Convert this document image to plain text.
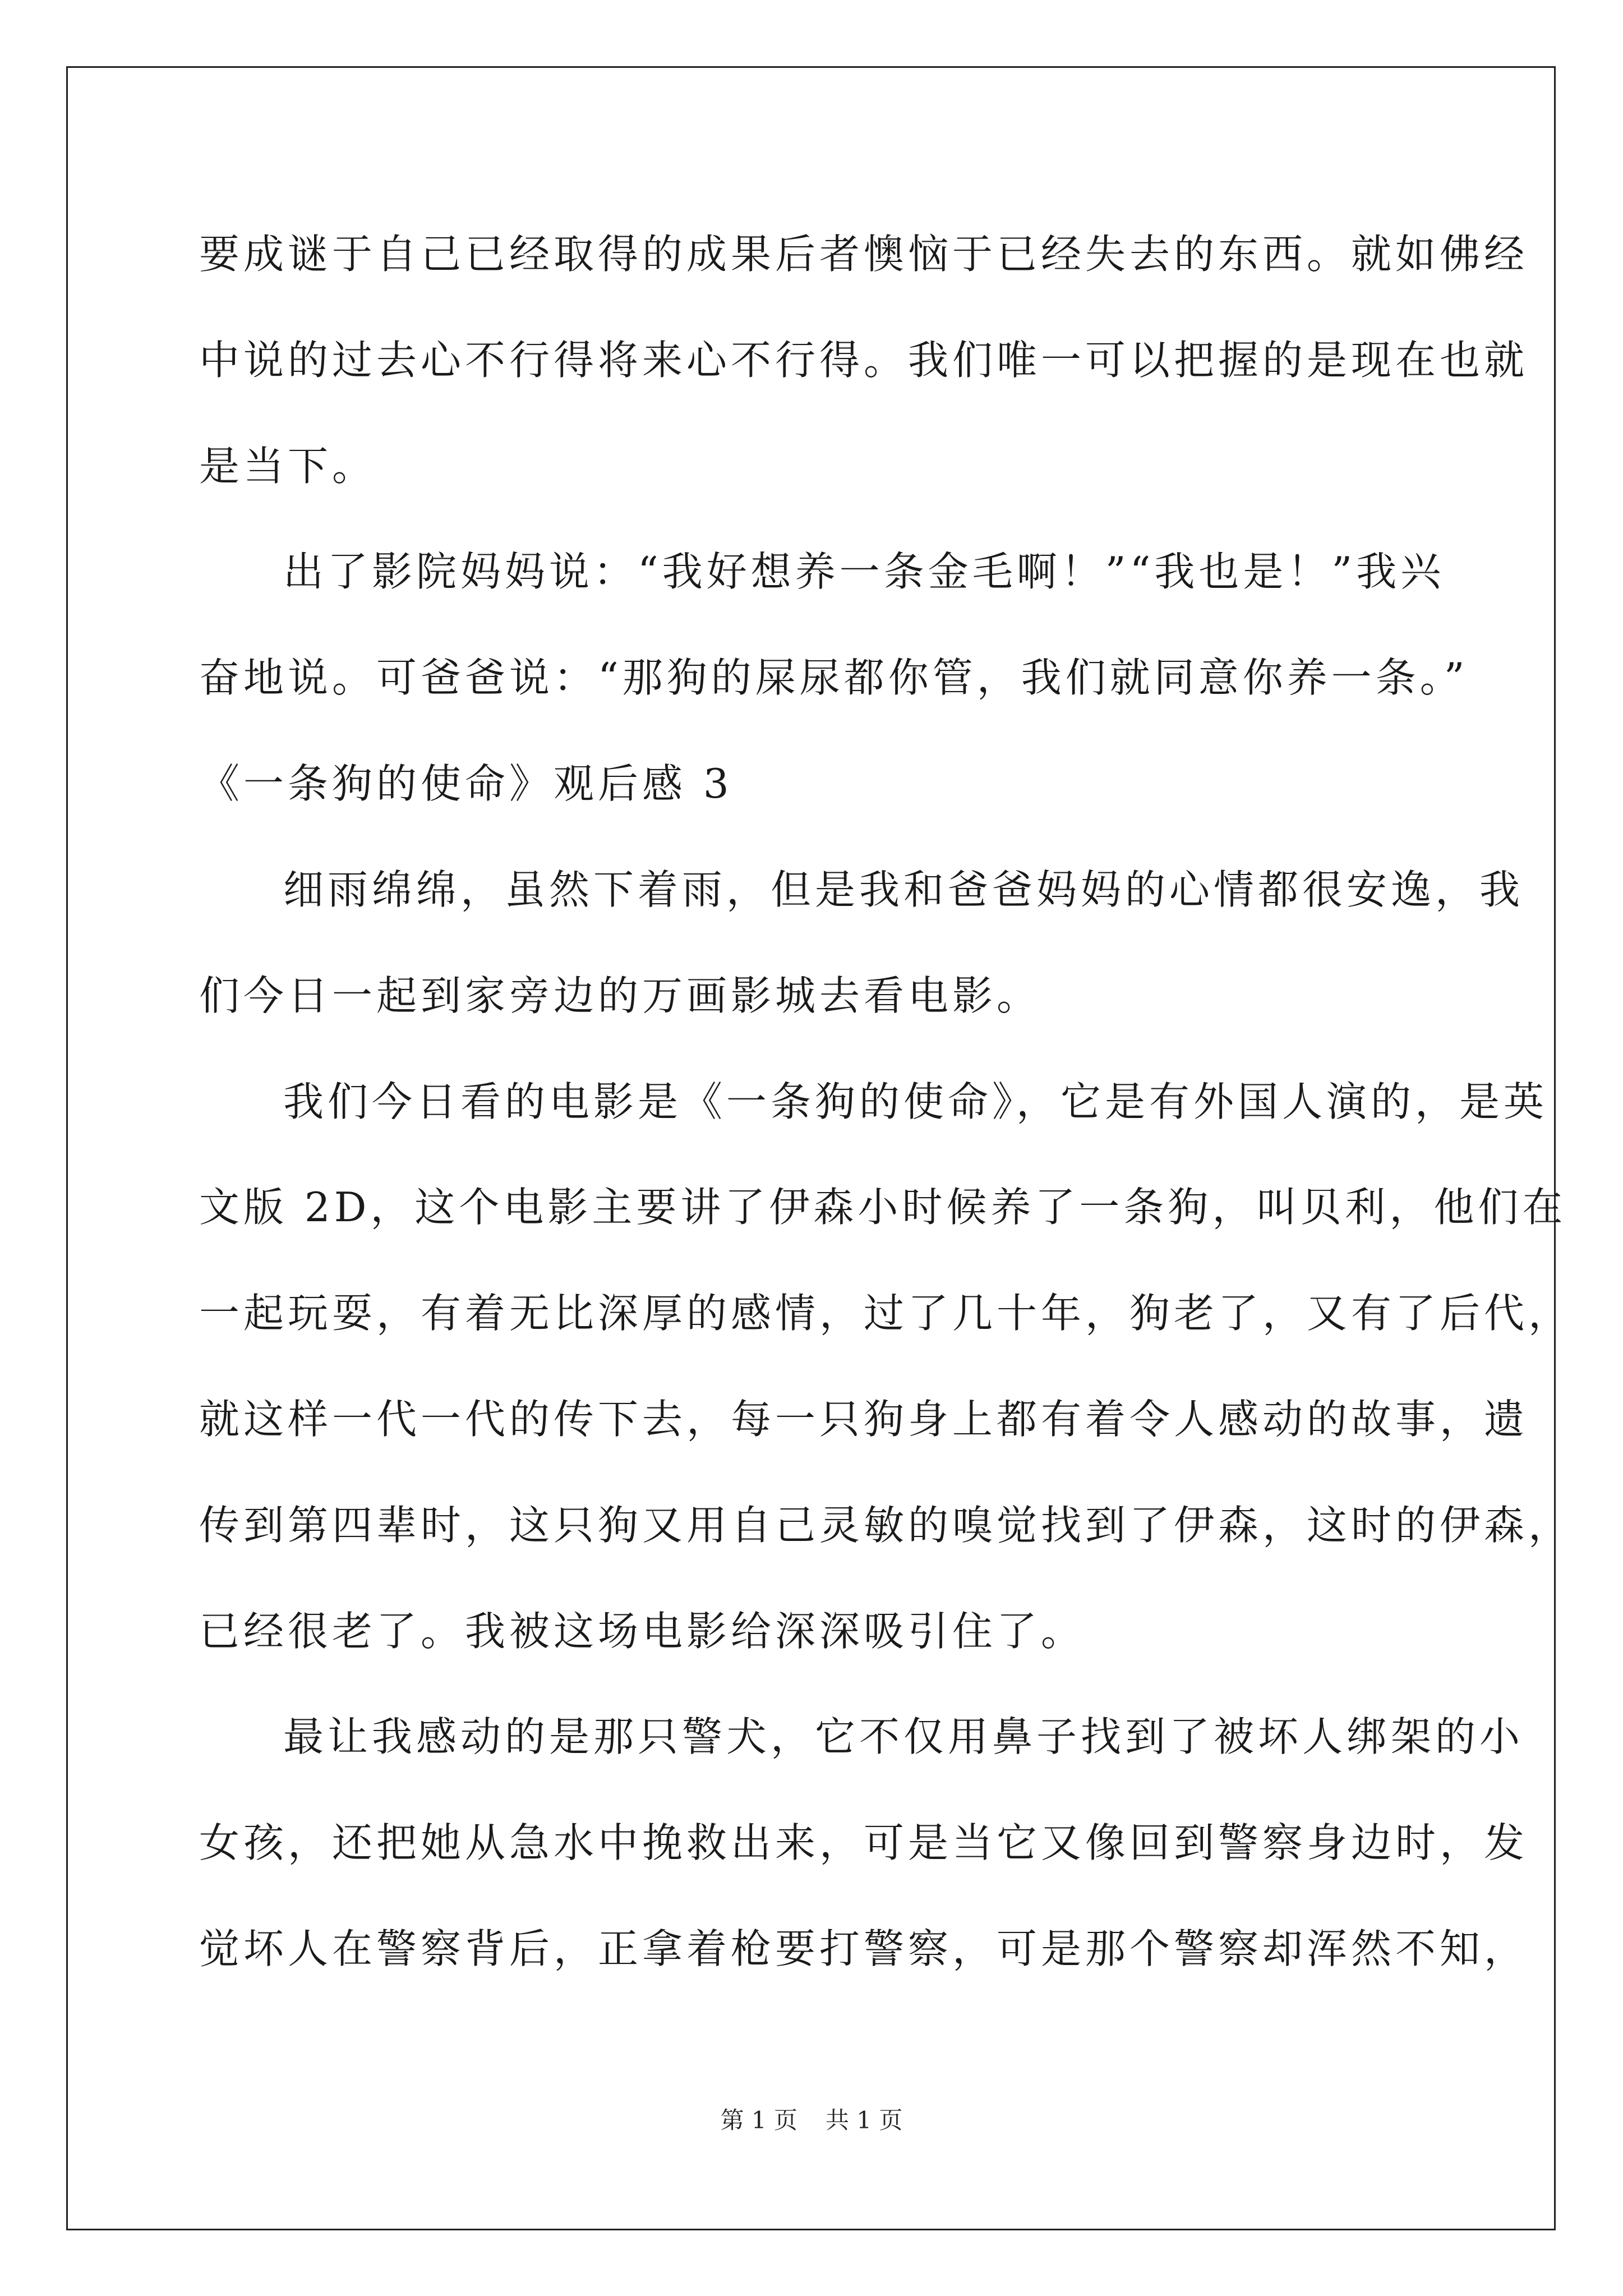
要成谜于自己已经取得的成果后者懊恼于已经失去的东西。就如佛经
中说的过去心不行得将来心不行得。我们唯一可以把握的是现在也就
是当下。
出了影院妈妈说：“我好想养一条金毛啊！”“我也是！”我兴
奋地说。可爸爸说：“那狗的屎尿都你管，我们就同意你养一条。”
《一条狗的使命》观后感 3
细雨绵绵，虽然下着雨，但是我和爸爸妈妈的心情都很安逸，我
们今日一起到家旁边的万画影城去看电影。
我们今日看的电影是《一条狗的使命》，它是有外国人演的，是英
文版 2D，这个电影主要讲了伊森小时候养了一条狗，叫贝利，他们在
一起玩耍，有着无比深厚的感情，过了几十年，狗老了，又有了后代，
就这样一代一代的传下去，每一只狗身上都有着令人感动的故事，遗
传到第四辈时，这只狗又用自己灵敏的嗅觉找到了伊森，这时的伊森，
已经很老了。我被这场电影给深深吸引住了。
最让我感动的是那只警犬，它不仅用鼻子找到了被坏人绑架的小
女孩，还把她从急水中挽救出来，可是当它又像回到警察身边时，发
觉坏人在警察背后，正拿着枪要打警察，可是那个警察却浑然不知，
第 1 页 共 1 页
